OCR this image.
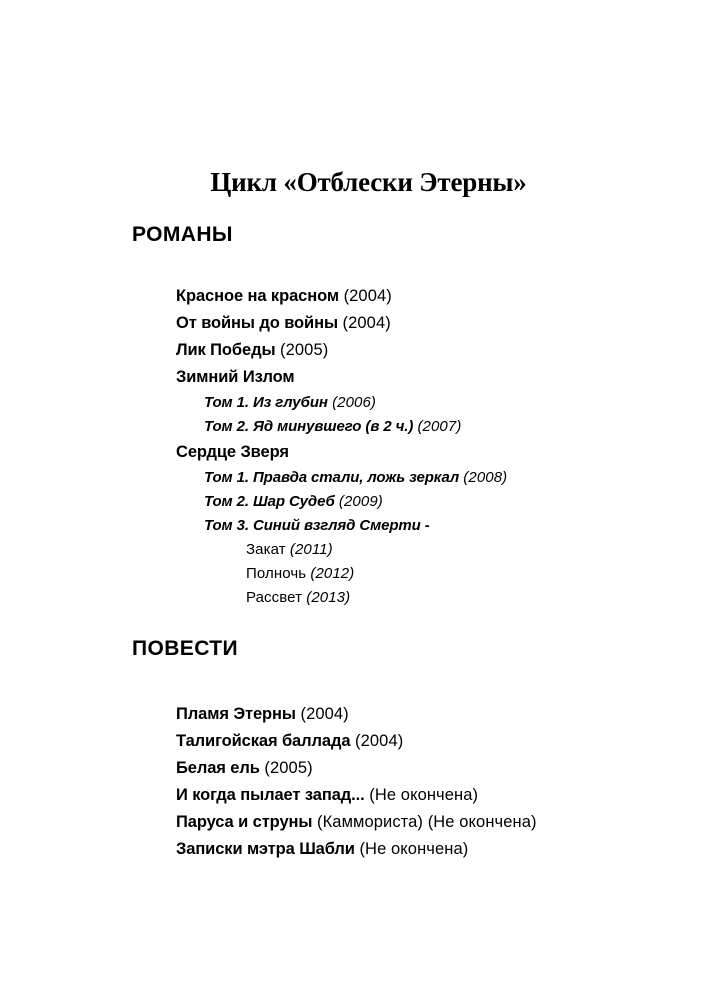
Цикл «Отблески Этерны»
РОМАНЫ
Красное на красном (2004)
От войны до войны (2004)
Лик Победы (2005)
Зимний Излом
Том 1. Из глубин (2006)
Том 2. Яд минувшего (в 2 ч.) (2007)
Сердце Зверя
Том 1. Правда стали, ложь зеркал (2008)
Том 2. Шар Судеб (2009)
Том 3. Синий взгляд Смерти -
Закат (2011)
Полночь (2012)
Рассвет (2013)
ПОВЕСТИ
Пламя Этерны (2004)
Талигойская баллада (2004)
Белая ель (2005)
И когда пылает запад... (Не окончена)
Паруса и струны (Каммориста) (Не окончена)
Записки мэтра Шабли (Не окончена)
